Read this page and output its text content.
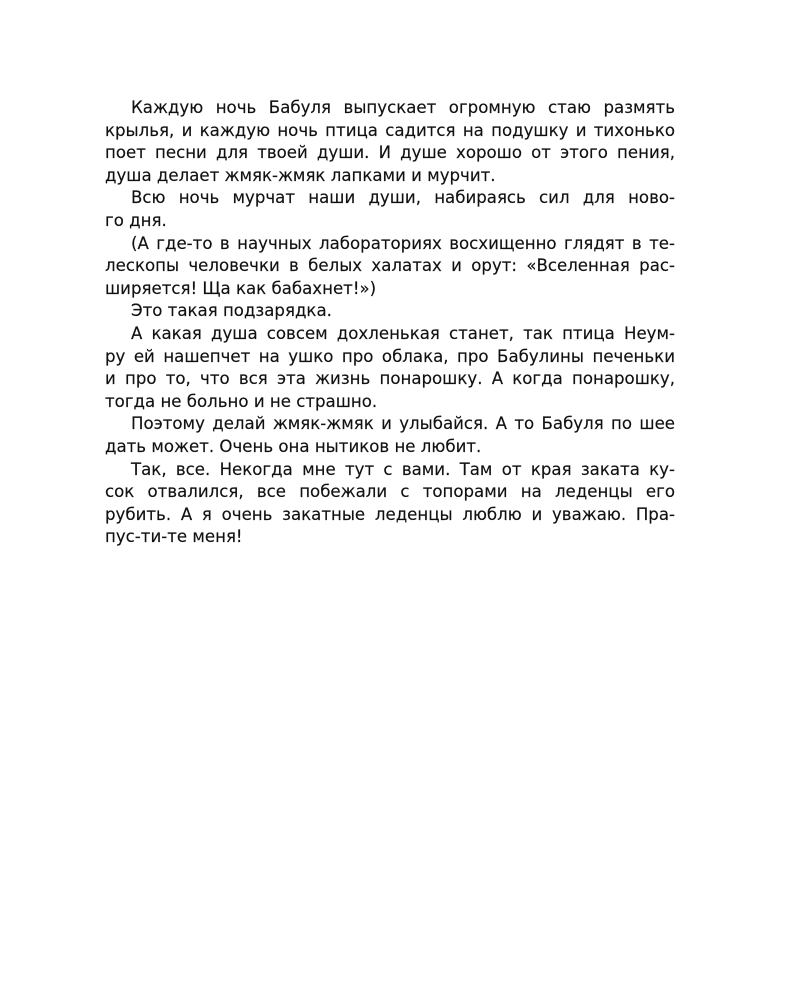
Каждую ночь Бабуля выпускает огромную стаю размять
крылья, и каждую ночь птица садится на подушку и тихонько
поет песни для твоей души. И душе хорошо от этого пения,
душа делает жмяк-жмяк лапками и мурчит.
Всю ночь мурчат наши души, набираясь сил для ново-
го дня.
(А где-то в научных лабораториях восхищенно глядят в те-
лескопы человечки в белых халатах и орут: «Вселенная рас-
ширяется! Ща как бабахнет!»)
Это такая подзарядка.
А какая душа совсем дохленькая станет, так птица Неум-
ру ей нашепчет на ушко про облака, про Бабулины печеньки
и про то, что вся эта жизнь понарошку. А когда понарошку,
тогда не больно и не страшно.
Поэтому делай жмяк-жмяк и улыбайся. А то Бабуля по шее
дать может. Очень она нытиков не любит.
Так, все. Некогда мне тут с вами. Там от края заката ку-
сок отвалился, все побежали с топорами на леденцы его
рубить. А я очень закатные леденцы люблю и уважаю. Пра-
пус-ти-те меня!
